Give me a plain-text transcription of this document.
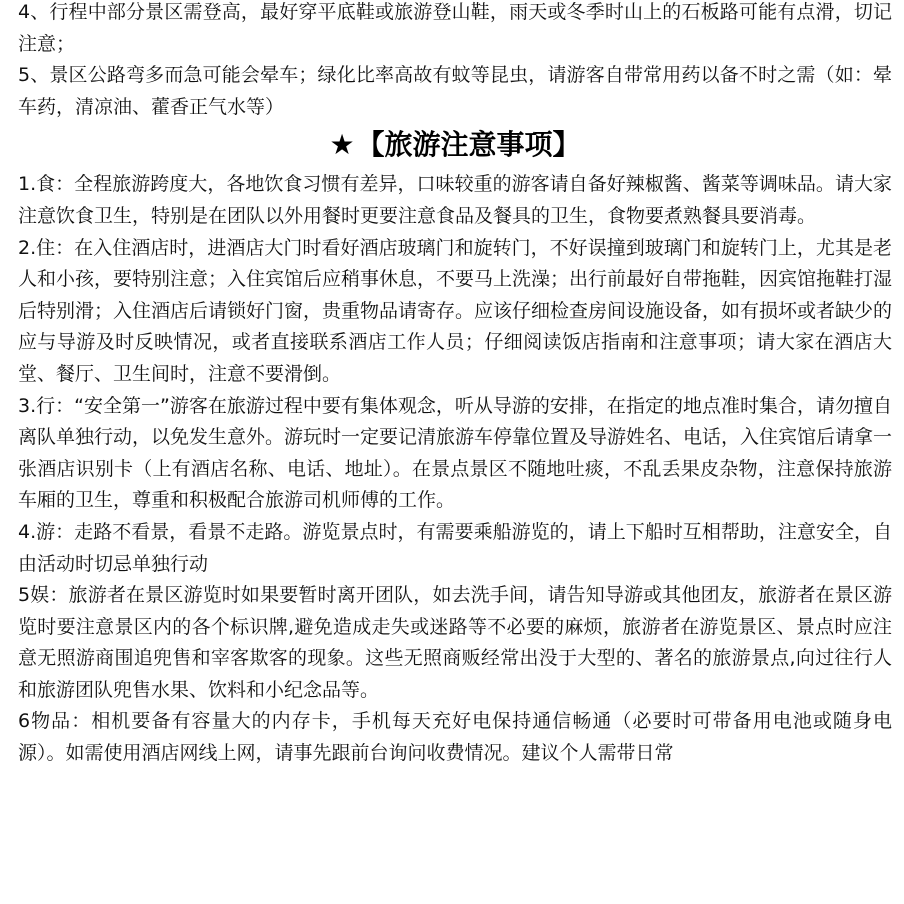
4、行程中部分景区需登高，最好穿平底鞋或旅游登山鞋，雨天或冬季时山上的石板路可能有点滑，切记注意；

5、景区公路弯多而急可能会晕车；绿化比率高故有蚊等昆虫，请游客自带常用药以备不时之需（如：晕车药，清凉油、藿香正气水等）

★【旅游注意事项】

1.食：全程旅游跨度大，各地饮食习惯有差异，口味较重的游客请自备好辣椒酱、酱菜等调味品。请大家注意饮食卫生，特别是在团队以外用餐时更要注意食品及餐具的卫生，食物要煮熟餐具要消毒。

2.住：在入住酒店时，进酒店大门时看好酒店玻璃门和旋转门，不好误撞到玻璃门和旋转门上，尤其是老人和小孩，要特别注意；入住宾馆后应稍事休息，不要马上洗澡；出行前最好自带拖鞋，因宾馆拖鞋打湿后特别滑；入住酒店后请锁好门窗，贵重物品请寄存。应该仔细检查房间设施设备，如有损坏或者缺少的应与导游及时反映情况，或者直接联系酒店工作人员；仔细阅读饭店指南和注意事项；请大家在酒店大堂、餐厅、卫生间时，注意不要滑倒。

3.行：“安全第一”游客在旅游过程中要有集体观念，听从导游的安排，在指定的地点准时集合，请勿擅自离队单独行动，以免发生意外。游玩时一定要记清旅游车停靠位置及导游姓名、电话，入住宾馆后请拿一张酒店识别卡（上有酒店名称、电话、地址）。在景点景区不随地吐痰，不乱丢果皮杂物，注意保持旅游车厢的卫生，尊重和积极配合旅游司机师傅的工作。

4.游：走路不看景，看景不走路。游览景点时，有需要乘船游览的，请上下船时互相帮助，注意安全，自由活动时切忌单独行动

5娱：旅游者在景区游览时如果要暂时离开团队，如去洗手间，请告知导游或其他团友，旅游者在景区游览时要注意景区内的各个标识牌,避免造成走失或迷路等不必要的麻烦，旅游者在游览景区、景点时应注意无照游商围追兜售和宰客欺客的现象。这些无照商贩经常出没于大型的、著名的旅游景点,向过往行人和旅游团队兜售水果、饮料和小纪念品等。

6物品：相机要备有容量大的内存卡，手机每天充好电保持通信畅通（必要时可带备用电池或随身电源）。如需使用酒店网线上网，请事先跟前台询问收费情况。建议个人需带日常
